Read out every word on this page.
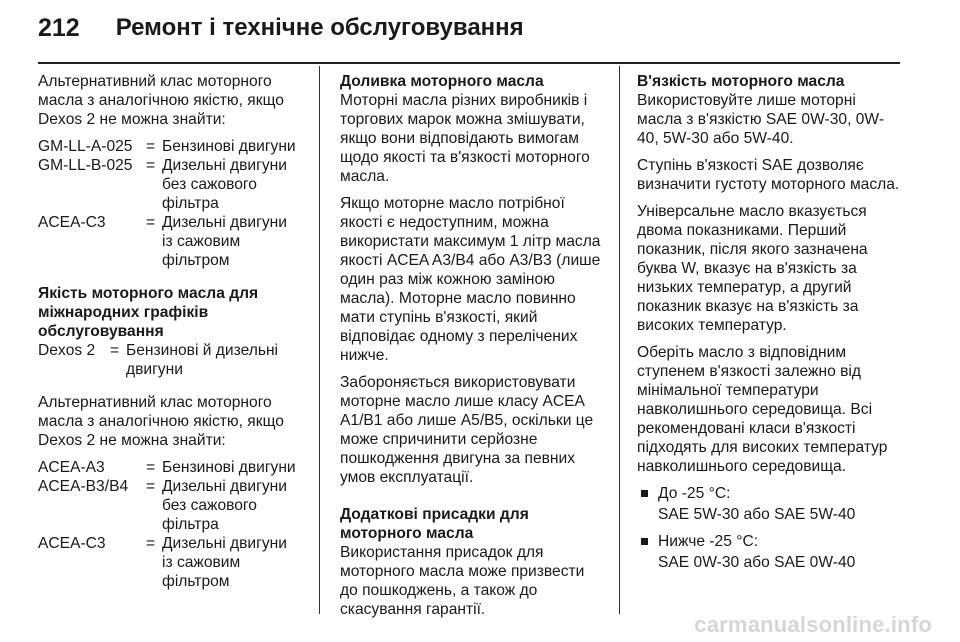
212 Ремонт і технічне обслуговування

Альтернативний клас моторного масла з аналогічною якістю, якщо Dexos 2 не можна знайти:

GM-LL-A-025 = Бензинові двигуни
GM-LL-B-025 = Дизельні двигуни без сажового фільтра
ACEA-C3	= Дизельні двигуни із сажовим фільтром
Якість моторного масла для міжнародних графіків обслуговування
Dexos 2 = Бензинові й дизельні двигуни

Альтернативний клас моторного масла з аналогічною якістю, якщо Dexos 2 не можна знайти:

ACEA-A3	= Бензинові двигуни
ACEA-B3/B4	= Дизельні двигуни без сажового фільтра
ACEA-C3	= Дизельні двигуни із сажовим фільтром
Доливка моторного масла

Моторні масла різних виробників і торгових марок можна змішувати, якщо вони відповідають вимогам щодо якості та в'язкості моторного масла.

Якщо моторне масло потрібної якості є недоступним, можна використати максимум 1 літр масла якості ACEA A3/B4 або A3/B3 (лише один раз між кожною заміною масла). Моторне масло повинно мати ступінь в'язкості, який відповідає одному з перелічених нижче.

Забороняється використовувати моторне масло лише класу ACEA A1/B1 або лише A5/B5, оскільки це може спричинити серйозне пошкодження двигуна за певних умов експлуатації.

Додаткові присадки для моторного масла

Використання присадок для моторного масла може призвести до пошкоджень, а також до скасування гарантії.

В'язкість моторного масла

Використовуйте лише моторні масла з в'язкістю SAE 0W-30, 0W-40, 5W-30 або 5W-40.

Ступінь в'язкості SAE дозволяє визначити густоту моторного масла.

Універсальне масло вказується двома показниками. Перший показник, після якого зазначена буква W, вказує на в'язкість за низьких температур, а другий показник вказує на в'язкість за високих температур.

Оберіть масло з відповідним ступенем в'язкості залежно від мінімальної температури навколишнього середовища. Всі рекомендовані класи в'язкості підходять для високих температур навколишнього середовища.

До -25 °C:

SAE 5W-30 або SAE 5W-40

Нижче -25 °C:

SAE 0W-30 або SAE 0W-40

carmanualsonline.info
